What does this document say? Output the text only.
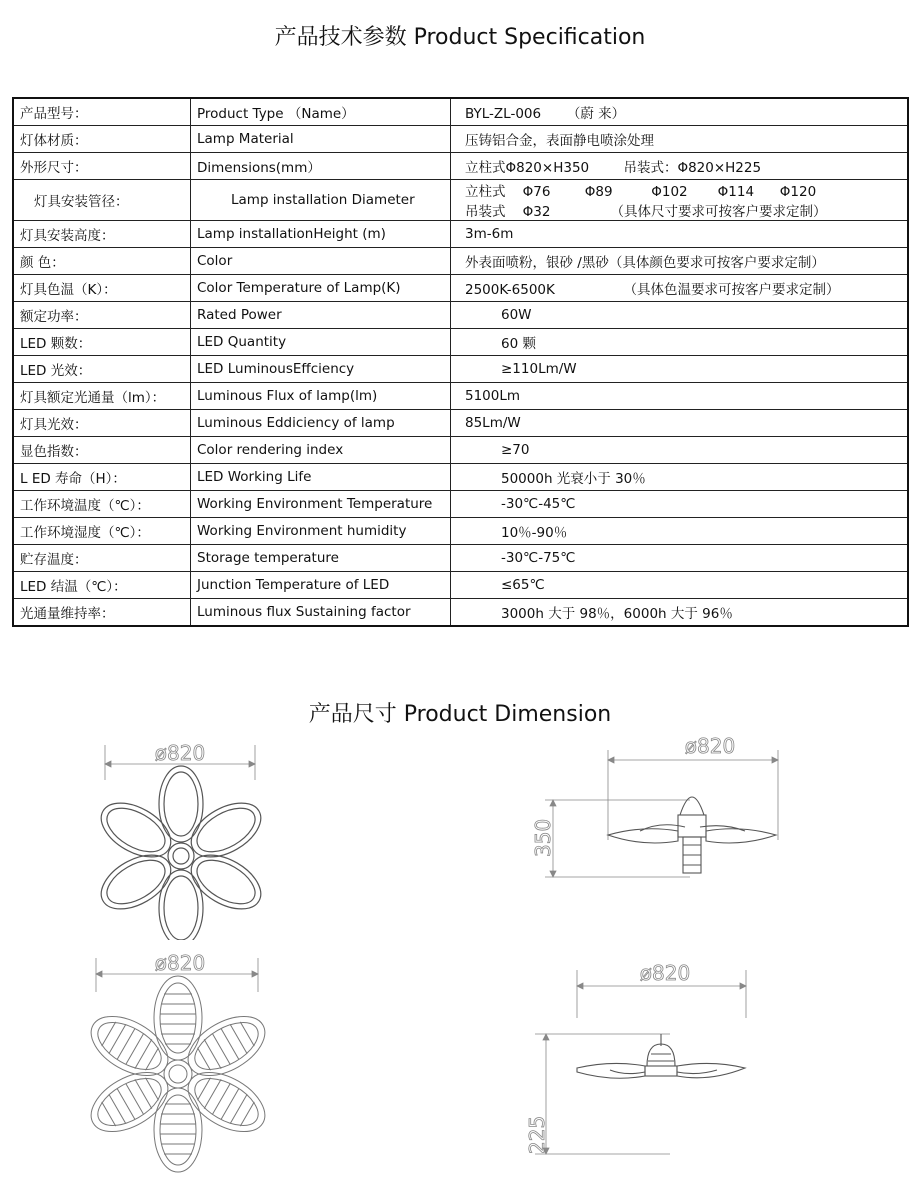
产品技术参数 Product Specification
产品型号：	Product Type （Name）	BYL-ZL-006      （蔚 来）
灯体材质：	Lamp Material	压铸铝合金，表面静电喷涂处理
外形尺寸：	Dimensions(mm）	立柱式Φ820×H350        吊装式：Φ820×H225
灯具安装管径：	Lamp installation Diameter	立柱式    Φ76        Φ89         Φ102       Φ114      Φ120
吊装式    Φ32              （具体尺寸要求可按客户要求定制）

灯具安装高度：	Lamp installationHeight (m)	3m-6m
颜 色：	Color	外表面喷粉，银砂 /黑砂（具体颜色要求可按客户要求定制）
灯具色温（K）：	Color Temperature of Lamp(K)	2500K-6500K                （具体色温要求可按客户要求定制）
额定功率：	Rated Power	60W
LED 颗数：	LED Quantity	60 颗
LED 光效：	LED LuminousEffciency	≥110Lm/W
灯具额定光通量（lm）：	Luminous Flux of lamp(lm)	5100Lm
灯具光效：	Luminous Eddiciency of lamp	85Lm/W
显色指数：	Color rendering index	≥70
L ED 寿命（H）：	LED Working Life	50000h 光衰小于 30％
工作环境温度（℃）：	Working Environment Temperature	-30℃-45℃
工作环境湿度（℃）：	Working Environment humidity	10％-90％
贮存温度：	Storage temperature	-30℃-75℃
LED 结温（℃）：	Junction Temperature of LED	≤65℃
光通量维持率：	Luminous flux Sustaining factor	3000h 大于 98％，6000h 大于 96％
产品尺寸 Product Dimension
ø820	ø820
350
ø820	ø820
225
